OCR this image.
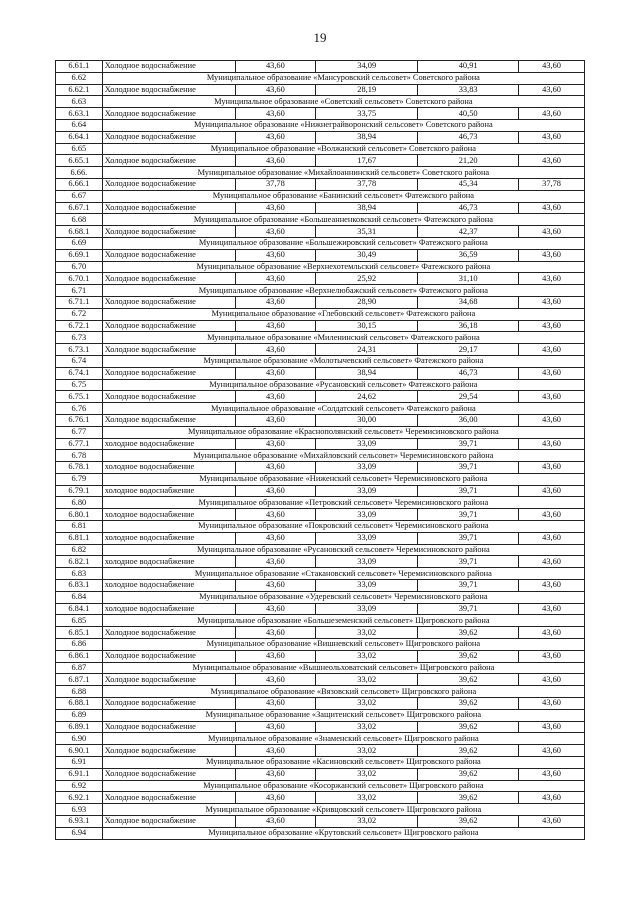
19
6.61.1	Холодное водоснабжение	43,60	34,09	40,91	43,60
6.62	Муниципальное образование «Мансуровский сельсовет» Советского района				
6.62.1	Холодное водоснабжение	43,60	28,19	33,83	43,60
6.63	Муниципальное образование «Советский сельсовет» Советского района				
6.63.1	Холодное водоснабжение	43,60	33,75	40,50	43,60
6.64	Муниципальное образование «Нижнеграйворонский сельсовет» Советского района				
6.64.1	Холодное водоснабжение	43,60	38,94	46,73	43,60
6.65	Муниципальное образование «Волжанский сельсовет» Советского района				
6.65.1	Холодное водоснабжение	43,60	17,67	21,20	43,60
6.66.	Муниципальное образование «Михайлоаннинский сельсовет» Советского района				
6.66.1	Холодное водоснабжение	37,78	37,78	45,34	37,78
6.67	Муниципальное образование «Банинский сельсовет» Фатежского района				
6.67.1	Холодное водоснабжение	43,60	38,94	46,73	43,60
6.68	Муниципальное образование «Большеанненковский сельсовет» Фатежского района				
6.68.1	Холодное водоснабжение	43,60	35,31	42,37	43,60
6.69	Муниципальное образование «Большежировский сельсовет» Фатежского района				
6.69.1	Холодное водоснабжение	43,60	30,49	36,59	43,60
6.70	Муниципальное образование «Верхнехотемльский сельсовет» Фатежского района				
6.70.1	Холодное водоснабжение	43,60	25,92	31,10	43,60
6.71	Муниципальное образование «Верхнелюбажский сельсовет» Фатежского района				
6.71.1	Холодное водоснабжение	43,60	28,90	34,68	43,60
6.72	Муниципальное образование «Глебовский сельсовет» Фатежского района				
6.72.1	Холодное водоснабжение	43,60	30,15	36,18	43,60
6.73	Муниципальное образование «Миленинский сельсовет» Фатежского района				
6.73.1	Холодное водоснабжение	43,60	24,31	29,17	43,60
6.74	Муниципальное образование «Молотычевский сельсовет» Фатежского района				
6.74.1	Холодное водоснабжение	43,60	38,94	46,73	43,60
6.75	Муниципальное образование «Русановский сельсовет» Фатежского района				
6.75.1	Холодное водоснабжение	43,60	24,62	29,54	43,60
6.76	Муниципальное образование «Солдатский сельсовет» Фатежского района				
6.76.1	Холодное водоснабжение	43,60	30,00	36,00	43,60
6.77	Муниципальное образование «Краснополянский сельсовет» Черемисиновского района				
6.77.1	холодное водоснабжение	43,60	33,09	39,71	43,60
6.78	Муниципальное образование «Михайловский сельсовет» Черемисиновского района				
6.78.1	холодное водоснабжение	43,60	33,09	39,71	43,60
6.79	Муниципальное образование «Ниженский сельсовет» Черемисиновского района				
6.79.1	холодное водоснабжение	43,60	33,09	39,71	43,60
6.80	Муниципальное образование «Петровский сельсовет» Черемисиновского района				
6.80.1	холодное водоснабжение	43,60	33,09	39,71	43,60
6.81	Муниципальное образование «Покровский сельсовет» Черемисиновского района				
6.81.1	холодное водоснабжение	43,60	33,09	39,71	43,60
6.82	Муниципальное образование «Русановский сельсовет» Черемисиновского района				
6.82.1	холодное водоснабжение	43,60	33,09	39,71	43,60
6.83	Муниципальное образование «Стакановский сельсовет» Черемисиновского района				
6.83.1	холодное водоснабжение	43,60	33,09	39,71	43,60
6.84	Муниципальное образование «Удеревский сельсовет» Черемисиновского района				
6.84.1	холодное водоснабжение	43,60	33,09	39,71	43,60
6.85	Муниципальное образование «Большеземенский сельсовет» Щигровского района				
6.85.1	Холодное водоснабжение	43,60	33,02	39,62	43,60
6.86	Муниципальное образование «Вишневский сельсовет» Щигровского района				
6.86.1	Холодное водоснабжение	43,60	33,02	39,62	43,60
6.87	Муниципальное образование «Вышнеольховатский сельсовет» Щигровского района				
6.87.1	Холодное водоснабжение	43,60	33,02	39,62	43,60
6.88	Муниципальное образование «Вязовский сельсовет» Щигровского района				
6.88.1	Холодное водоснабжение	43,60	33,02	39,62	43,60
6.89	Муниципальное образование «Защитенский сельсовет» Щигровского района				
6.89.1	Холодное водоснабжение	43,60	33,02	39,62	43,60
6.90	Муниципальное образование «Знаменский сельсовет» Щигровского района				
6.90.1	Холодное водоснабжение	43,60	33,02	39,62	43,60
6.91	Муниципальное образование «Касиновский сельсовет» Щигровского района				
6.91.1	Холодное водоснабжение	43,60	33,02	39,62	43,60
6.92	Муниципальное образование «Косоржанский сельсовет» Щигровского района				
6.92.1	Холодное водоснабжение	43,60	33,02	39,62	43,60
6.93	Муниципальное образование «Кривцовский сельсовет» Щигровского района				
6.93.1	Холодное водоснабжение	43,60	33,02	39,62	43,60
6.94	Муниципальное образование «Крутовский сельсовет» Щигровского района				
